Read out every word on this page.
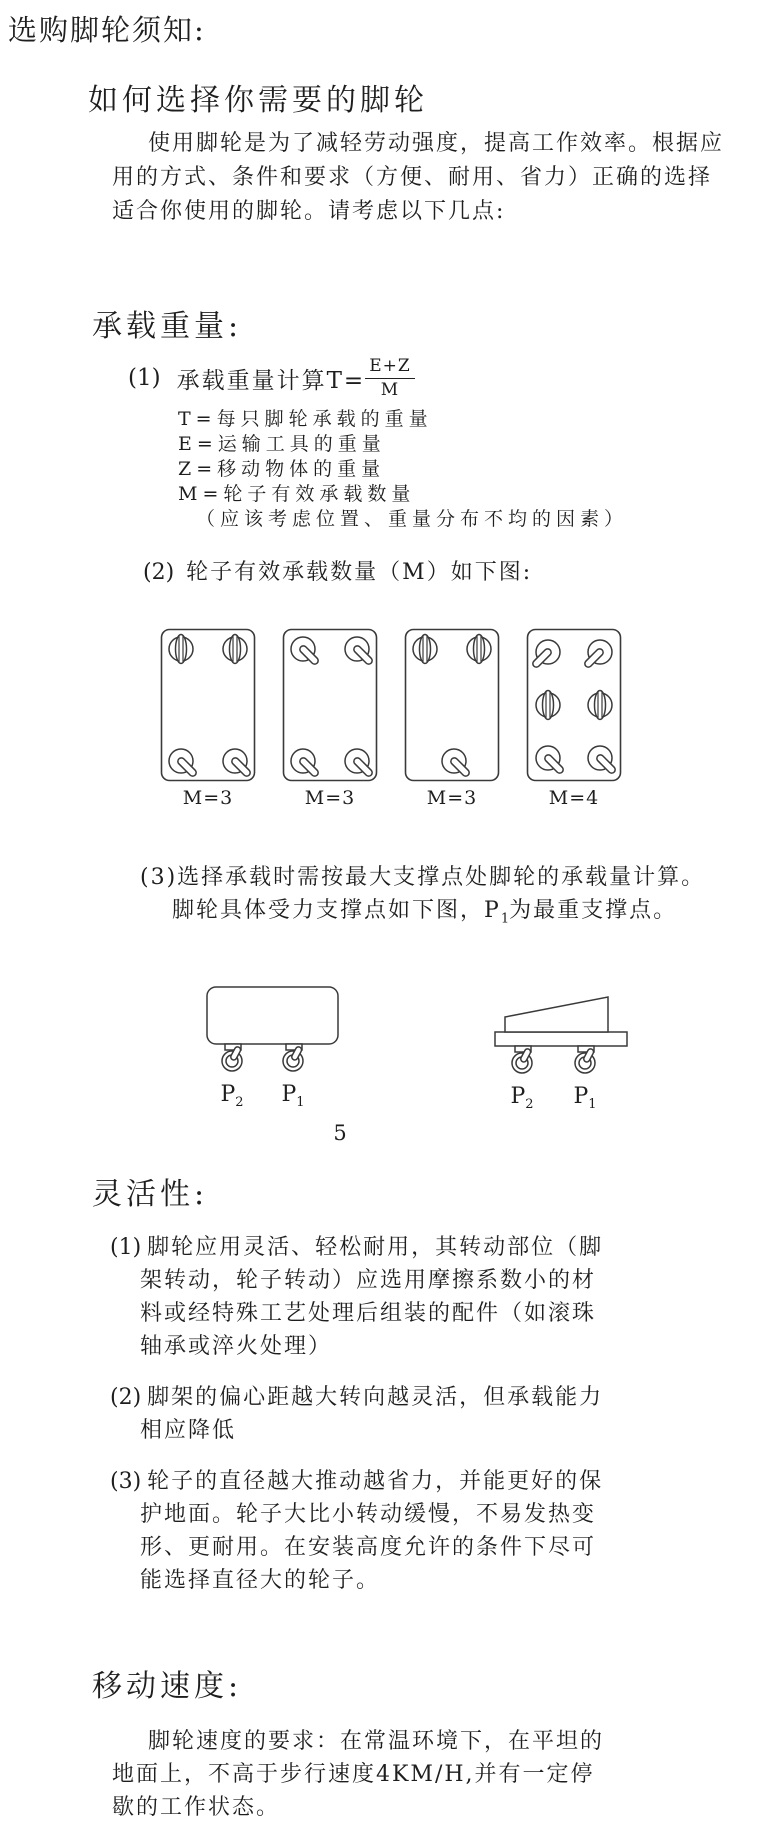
选购脚轮须知:
如何选择你需要的脚轮

使用脚轮是为了减轻劳动强度，提高工作效率。根据应用的方式、条件和要求（方便、耐用、省力）正确的选择适合你使用的脚轮。请考虑以下几点:

承载重量:
(1) 承载重量计算$T= \frac{E+Z}{M}$
T=每只脚轮承载的重量
E=运输工具的重量
Z=移动物体的重量
M=轮子有效承载数量
（应该考虑位置、重量分布不均的因素）
(2) 轮子有效承载数量（M）如下图:
M=3	M=3	M=3	M=4
(3)选择承载时需按最大支撑点处脚轮的承载量计算。
脚轮具体受力支撑点如下图，$P_1$为最重支撑点。
$P_2$ $P_1$	$P_2$ $P_1$
5
灵活性:
(1) 脚轮应用灵活、轻松耐用，其转动部位（脚架转动，轮子转动）应选用摩擦系数小的材料或经特殊工艺处理后组装的配件（如滚珠轴承或淬火处理）
(2) 脚架的偏心距越大转向越灵活，但承载能力相应降低
(3) 轮子的直径越大推动越省力，并能更好的保护地面。轮子大比小转动缓慢，不易发热变形、更耐用。在安装高度允许的条件下尽可能选择直径大的轮子。
移动速度:

脚轮速度的要求：在常温环境下，在平坦的地面上，不高于步行速度4KM/H,并有一定停歇的工作状态。
